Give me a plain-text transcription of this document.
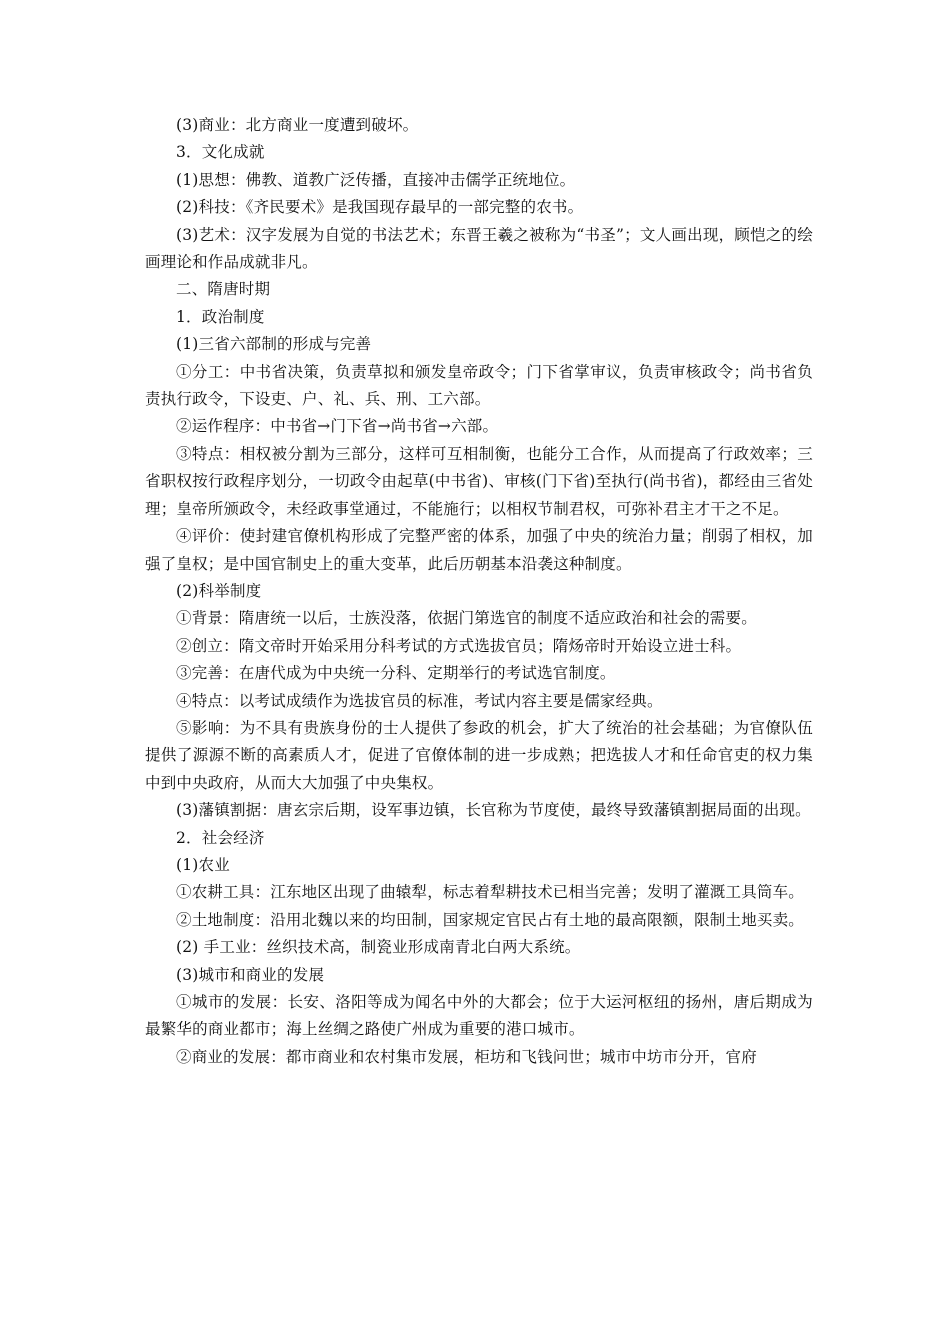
(3)商业：北方商业一度遭到破坏。

3．文化成就

(1)思想：佛教、道教广泛传播，直接冲击儒学正统地位。

(2)科技：《齐民要术》是我国现存最早的一部完整的农书。

(3)艺术：汉字发展为自觉的书法艺术；东晋王羲之被称为“书圣”；文人画出现，顾恺之的绘画理论和作品成就非凡。

二、隋唐时期

1．政治制度

(1)三省六部制的形成与完善

①分工：中书省决策，负责草拟和颁发皇帝政令；门下省掌审议，负责审核政令；尚书省负责执行政令，下设吏、户、礼、兵、刑、工六部。

②运作程序：中书省→门下省→尚书省→六部。

③特点：相权被分割为三部分，这样可互相制衡，也能分工合作，从而提高了行政效率；三省职权按行政程序划分，一切政令由起草(中书省)、审核(门下省)至执行(尚书省)，都经由三省处理；皇帝所颁政令，未经政事堂通过，不能施行；以相权节制君权，可弥补君主才干之不足。

④评价：使封建官僚机构形成了完整严密的体系，加强了中央的统治力量；削弱了相权，加强了皇权；是中国官制史上的重大变革，此后历朝基本沿袭这种制度。

(2)科举制度

①背景：隋唐统一以后，士族没落，依据门第选官的制度不适应政治和社会的需要。

②创立：隋文帝时开始采用分科考试的方式选拔官员；隋炀帝时开始设立进士科。

③完善：在唐代成为中央统一分科、定期举行的考试选官制度。

④特点：以考试成绩作为选拔官员的标准，考试内容主要是儒家经典。

⑤影响：为不具有贵族身份的士人提供了参政的机会，扩大了统治的社会基础；为官僚队伍提供了源源不断的高素质人才，促进了官僚体制的进一步成熟；把选拔人才和任命官吏的权力集中到中央政府，从而大大加强了中央集权。

(3)藩镇割据：唐玄宗后期，设军事边镇，长官称为节度使，最终导致藩镇割据局面的出现。

2．社会经济

(1)农业

①农耕工具：江东地区出现了曲辕犁，标志着犁耕技术已相当完善；发明了灌溉工具筒车。

②土地制度：沿用北魏以来的均田制，国家规定官民占有土地的最高限额，限制土地买卖。

(2) 手工业：丝织技术高，制瓷业形成南青北白两大系统。

(3)城市和商业的发展

①城市的发展：长安、洛阳等成为闻名中外的大都会；位于大运河枢纽的扬州，唐后期成为最繁华的商业都市；海上丝绸之路使广州成为重要的港口城市。

②商业的发展：都市商业和农村集市发展，柜坊和飞钱问世；城市中坊市分开，官府
